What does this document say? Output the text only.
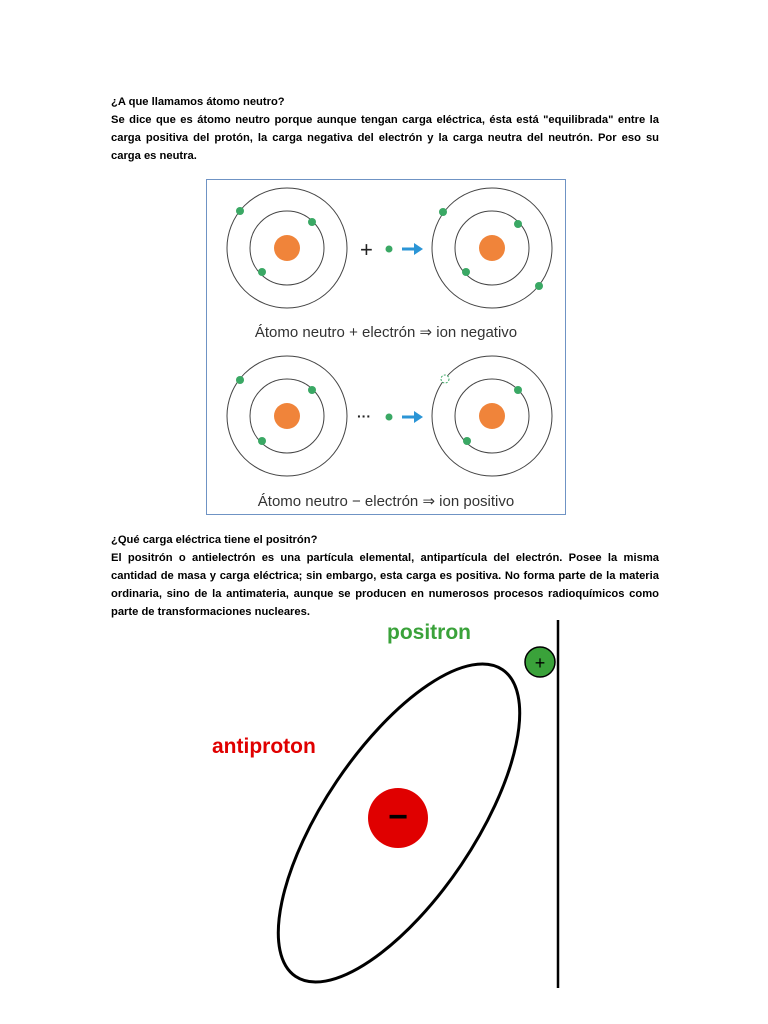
¿A que llamamos átomo neutro?

Se dice que es átomo neutro porque aunque tengan carga eléctrica, ésta está "equilibrada" entre la carga positiva del protón, la carga negativa del electrón y la carga neutra del neutrón. Por eso su carga es neutra.

+
Átomo neutro + electrón ⇒ ion negativo
···
Átomo neutro − electrón ⇒ ion positivo

¿Qué carga eléctrica tiene el positrón?

El positrón o antielectrón es una partícula elemental, antipartícula del electrón. Posee la misma cantidad de masa y carga eléctrica; sin embargo, esta carga es positiva. No forma parte de la materia ordinaria, sino de la antimateria, aunque se producen en numerosos procesos radioquímicos como parte de transformaciones nucleares.

−
+
positron
antiproton
